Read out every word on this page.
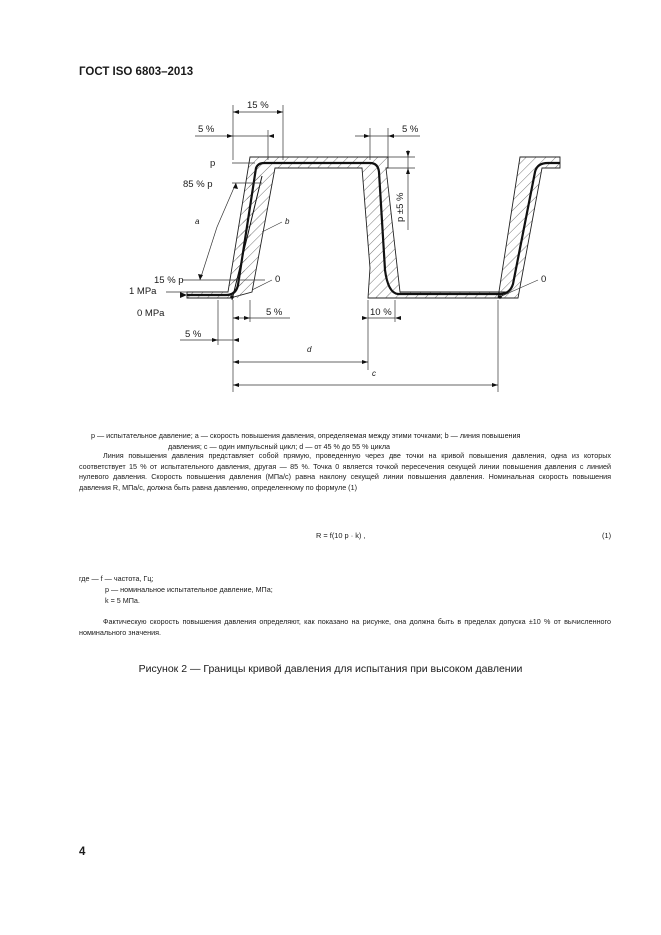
ГОСТ ISO 6803–2013
p
85 % p
15 % p
1 MPa
0 MPa
15 %
5 %	5 %
p ±5 %
5 %
5 %	10 %
0	0
a	b
c
d
p — испытательное давление; a — скорость повышения давления, определяемая между этими точками; b — линия повышения
давления; c — один импульсный цикл; d — от 45 % до 55 % цикла
Линия повышения давления представляет собой прямую, проведенную через две точки на кривой повышения давления, одна из которых соответствует 15 % от испытательного давления, другая — 85 %. Точка 0 является точкой пересечения секущей линии повышения давления с линией нулевого давления. Скорость повышения давления (МПа/с) равна наклону секущей линии повышения давления. Номинальная скорость повышения давления R, МПа/с, должна быть равна давлению, определенному по формуле (1)
R = f(10 p · k) ,	(1)
где — f — частота, Гц;
p — номинальное испытательное давление, МПа;
k = 5 МПа.
Фактическую скорость повышения давления определяют, как показано на рисунке, она должна быть в пределах допуска ±10 % от вычисленного номинального значения.
Рисунок 2 — Границы кривой давления для испытания при высоком давлении
4
